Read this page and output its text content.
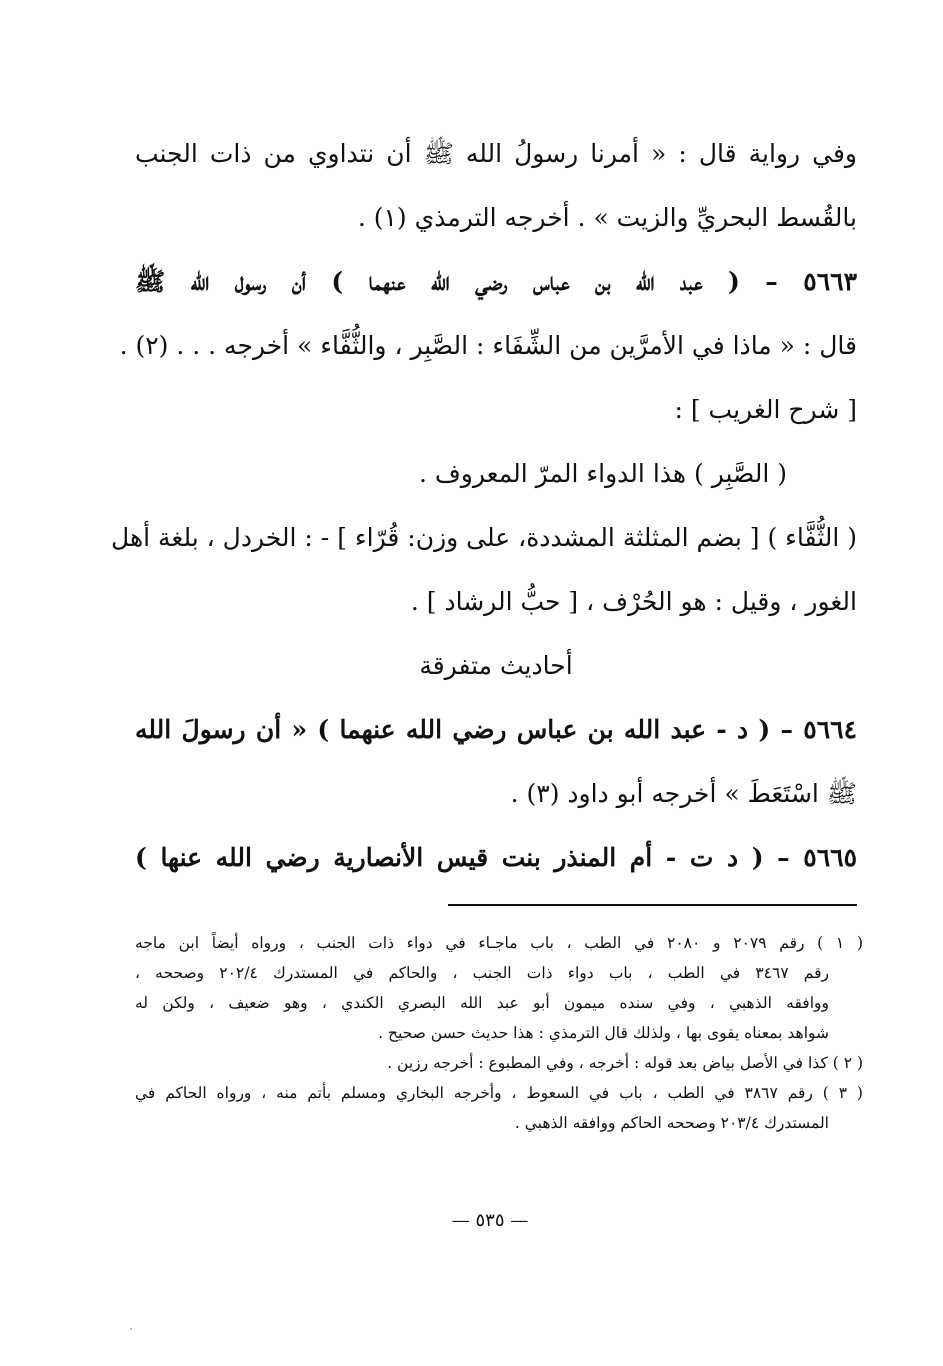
وفي رواية قال : « أمرنا رسولُ الله ﷺ أن نتداوي من ذات الجنب
بالقُسط البحريِّ والزيت » . أخرجه الترمذي (١) .
٥٦٦٣ – ( عبد الله بن عباس رضي الله عنهما ) أن رسول الله ﷺ
قال : « ماذا في الأمرَّين من الشِّفَاء : الصَّبِر ، والثُّفَّاء » أخرجه . . . (٢) .
[ شرح الغريب ] :
( الصَّبِر ) هذا الدواء المرّ المعروف .
( الثُّفَّاء ) [ بضم المثلثة المشددة، على وزن: قُرّاء ] - : الخردل ، بلغة أهل
الغور ، وقيل : هو الحُرْف ، [ حبُّ الرشاد ] .
أحاديث متفرقة
٥٦٦٤ – ( د - عبد الله بن عباس رضي الله عنهما ) « أن رسولَ الله
ﷺ اسْتَعَطَ » أخرجه أبو داود (٣) .
٥٦٦٥ – ( د ت - أم المنذر بنت قيس الأنصارية رضي الله عنها )
( ١ ) رقم ٢٠٧٩ و ٢٠٨٠ في الطب ، باب ماجـاء في دواء ذات الجنب ، ورواه أيضاً ابن ماجه
رقم ٣٤٦٧ في الطب ، باب دواء ذات الجنب ، والحاكم في المستدرك ٢٠٢/٤ وصححه ،
ووافقه الذهبي ، وفي سنده ميمون أبو عبد الله البصري الكندي ، وهو ضعيف ، ولكن له
شواهد بمعناه يقوى بها ، ولذلك قال الترمذي : هذا حديث حسن صحيح .
( ٢ ) كذا في الأصل بياض بعد قوله : أخرجه ، وفي المطبوع : أخرجه رزين .
( ٣ ) رقم ٣٨٦٧ في الطب ، باب في السعوط ، وأخرجه البخاري ومسلم بأتم منه ، ورواه الحاكم في
المستدرك ٢٠٣/٤ وصححه الحاكم ووافقه الذهبي .
— ٥٣٥ —
